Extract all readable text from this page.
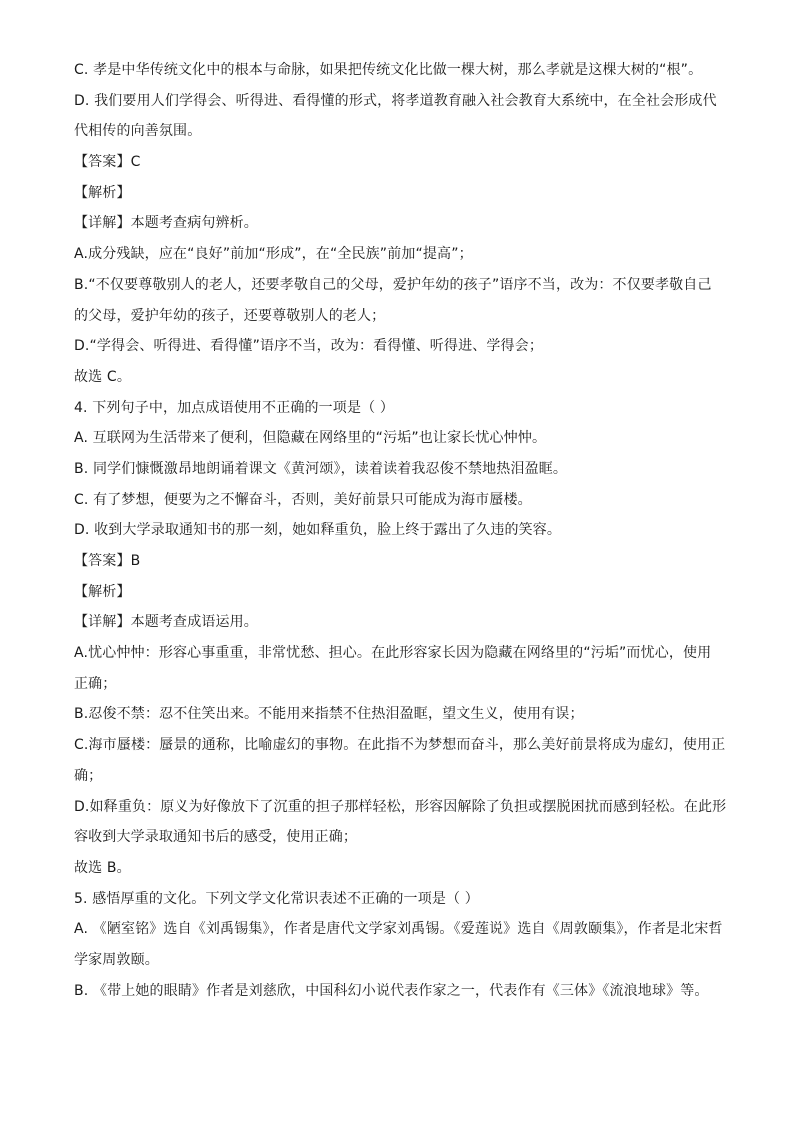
C. 孝是中华传统文化中的根本与命脉，如果把传统文化比做一棵大树，那么孝就是这棵大树的“根”。
D. 我们要用人们学得会、听得进、看得懂的形式，将孝道教育融入社会教育大系统中，在全社会形成代
代相传的向善氛围。
【答案】C
【解析】
【详解】本题考查病句辨析。
A.成分残缺，应在“良好”前加“形成”，在“全民族”前加“提高”；
B.“不仅要尊敬别人的老人，还要孝敬自己的父母，爱护年幼的孩子”语序不当，改为：不仅要孝敬自己
的父母，爱护年幼的孩子，还要尊敬别人的老人；
D.“学得会、听得进、看得懂”语序不当，改为：看得懂、听得进、学得会；
故选 C。
4. 下列句子中，加点成语使用不正确的一项是（ ）
A. 互联网为生活带来了便利，但隐藏在网络里的“污垢”也让家长忧心忡忡。
B. 同学们慷慨激昂地朗诵着课文《黄河颂》，读着读着我忍俊不禁地热泪盈眶。
C. 有了梦想，便要为之不懈奋斗，否则，美好前景只可能成为海市蜃楼。
D. 收到大学录取通知书的那一刻，她如释重负，脸上终于露出了久违的笑容。
【答案】B
【解析】
【详解】本题考查成语运用。
A.忧心忡忡：形容心事重重，非常忧愁、担心。在此形容家长因为隐藏在网络里的“污垢”而忧心，使用
正确；
B.忍俊不禁：忍不住笑出来。不能用来指禁不住热泪盈眶，望文生义，使用有误；
C.海市蜃楼：蜃景的通称，比喻虚幻的事物。在此指不为梦想而奋斗，那么美好前景将成为虚幻，使用正
确；
D.如释重负：原义为好像放下了沉重的担子那样轻松，形容因解除了负担或摆脱困扰而感到轻松。在此形
容收到大学录取通知书后的感受，使用正确；
故选 B。
5. 感悟厚重的文化。下列文学文化常识表述不正确的一项是（ ）
A. 《陋室铭》选自《刘禹锡集》，作者是唐代文学家刘禹锡。《爱莲说》选自《周敦颐集》，作者是北宋哲
学家周敦颐。
B. 《带上她的眼睛》作者是刘慈欣，中国科幻小说代表作家之一，代表作有《三体》《流浪地球》等。
